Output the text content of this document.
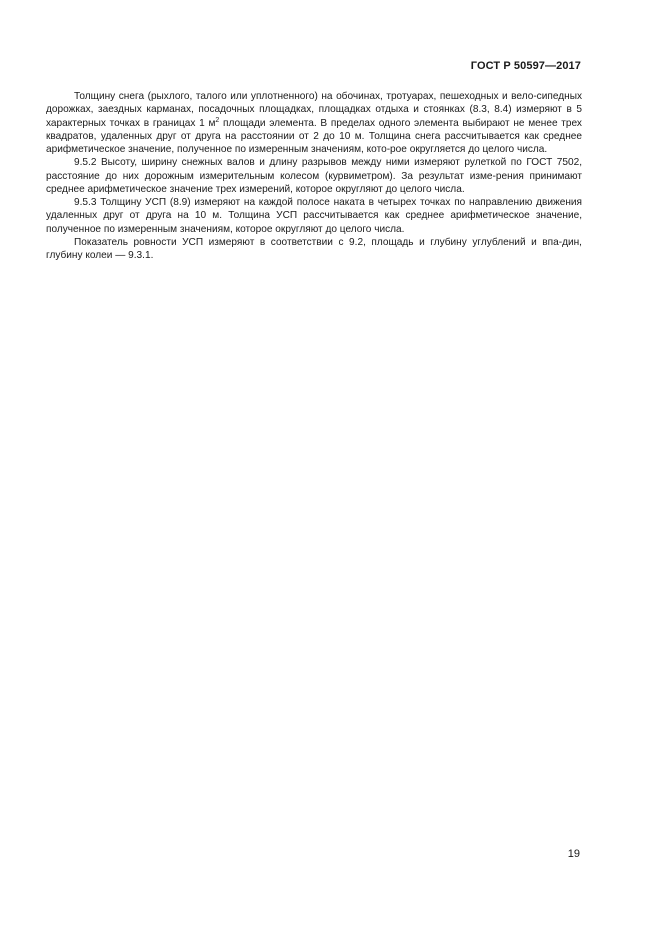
ГОСТ Р 50597—2017

Толщину снега (рыхлого, талого или уплотненного) на обочинах, тротуарах, пешеходных и вело-сипедных дорожках, заездных карманах, посадочных площадках, площадках отдыха и стоянках (8.3, 8.4) измеряют в 5 характерных точках в границах 1 $м^2$ площади элемента. В пределах одного элемента выбирают не менее трех квадратов, удаленных друг от друга на расстоянии от 2 до 10 м. Толщина снега рассчитывается как среднее арифметическое значение, полученное по измеренным значениям, кото-рое округляется до целого числа.

9.5.2 Высоту, ширину снежных валов и длину разрывов между ними измеряют рулеткой по ГОСТ 7502, расстояние до них дорожным измерительным колесом (курвиметром). За результат изме-рения принимают среднее арифметическое значение трех измерений, которое округляют до целого числа.

9.5.3 Толщину УСП (8.9) измеряют на каждой полосе наката в четырех точках по направлению движения удаленных друг от друга на 10 м. Толщина УСП рассчитывается как среднее арифметическое значение, полученное по измеренным значениям, которое округляют до целого числа.

Показатель ровности УСП измеряют в соответствии с 9.2, площадь и глубину углублений и впа-дин, глубину колеи — 9.3.1.

19
